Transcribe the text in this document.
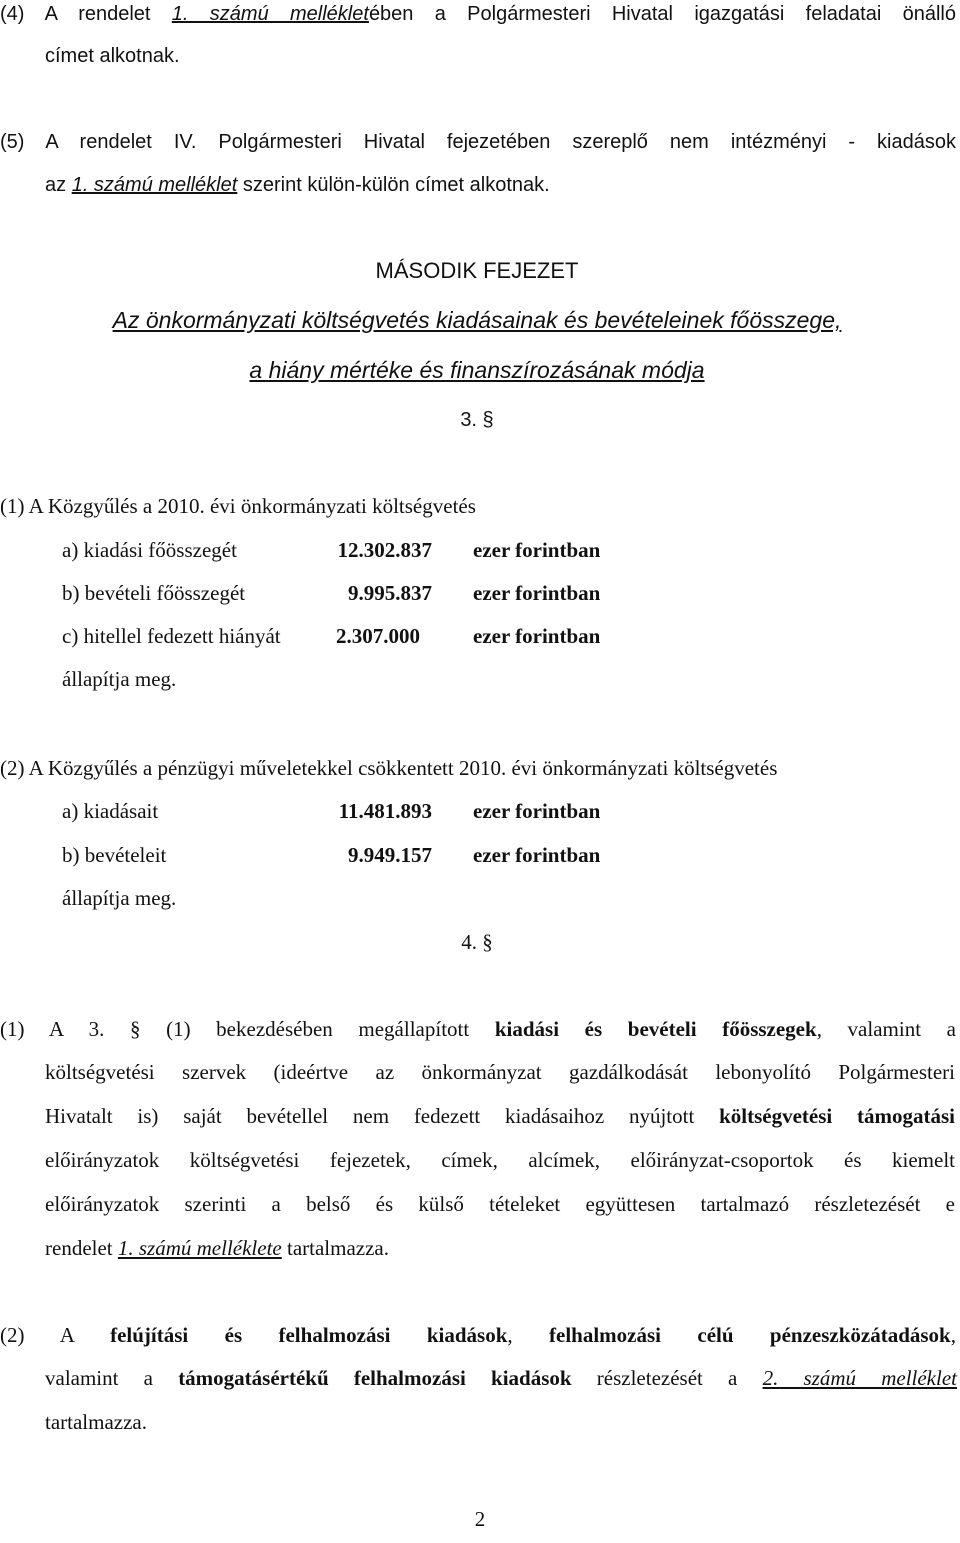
(4) A rendelet 1. számú mellékletében a Polgármesteri Hivatal igazgatási feladatai önálló
címet alkotnak.
(5) A rendelet IV. Polgármesteri Hivatal fejezetében szereplő nem intézményi - kiadások
az 1. számú melléklet szerint külön-külön címet alkotnak.
MÁSODIK FEJEZET
Az önkormányzati költségvetés kiadásainak és bevételeinek főösszege,
a hiány mértéke és finanszírozásának módja
3. §
(1) A Közgyűlés a 2010. évi önkormányzati költségvetés
a) kiadási főösszegét	12.302.837 ezer forintban
b) bevételi főösszegét	9.995.837 ezer forintban
c) hitellel fedezett hiányát	2.307.000	ezer forintban
állapítja meg.
(2) A Közgyűlés a pénzügyi műveletekkel csökkentett 2010. évi önkormányzati költségvetés
a) kiadásait	11.481.893 ezer forintban
b) bevételeit	9.949.157 ezer forintban
állapítja meg.
4. §
(1) A 3. § (1) bekezdésében megállapított kiadási és bevételi főösszegek, valamint a
költségvetési szervek (ideértve az önkormányzat gazdálkodását lebonyolító Polgármesteri
Hivatalt is) saját bevétellel nem fedezett kiadásaihoz nyújtott költségvetési támogatási
előirányzatok költségvetési fejezetek, címek, alcímek, előirányzat-csoportok és kiemelt
előirányzatok szerinti a belső és külső tételeket együttesen tartalmazó részletezését e
rendelet 1. számú melléklete tartalmazza.
(2) A felújítási és felhalmozási kiadások, felhalmozási célú pénzeszközátadások,
valamint a támogatásértékű felhalmozási kiadások részletezését a 2. számú melléklet
tartalmazza.
2
